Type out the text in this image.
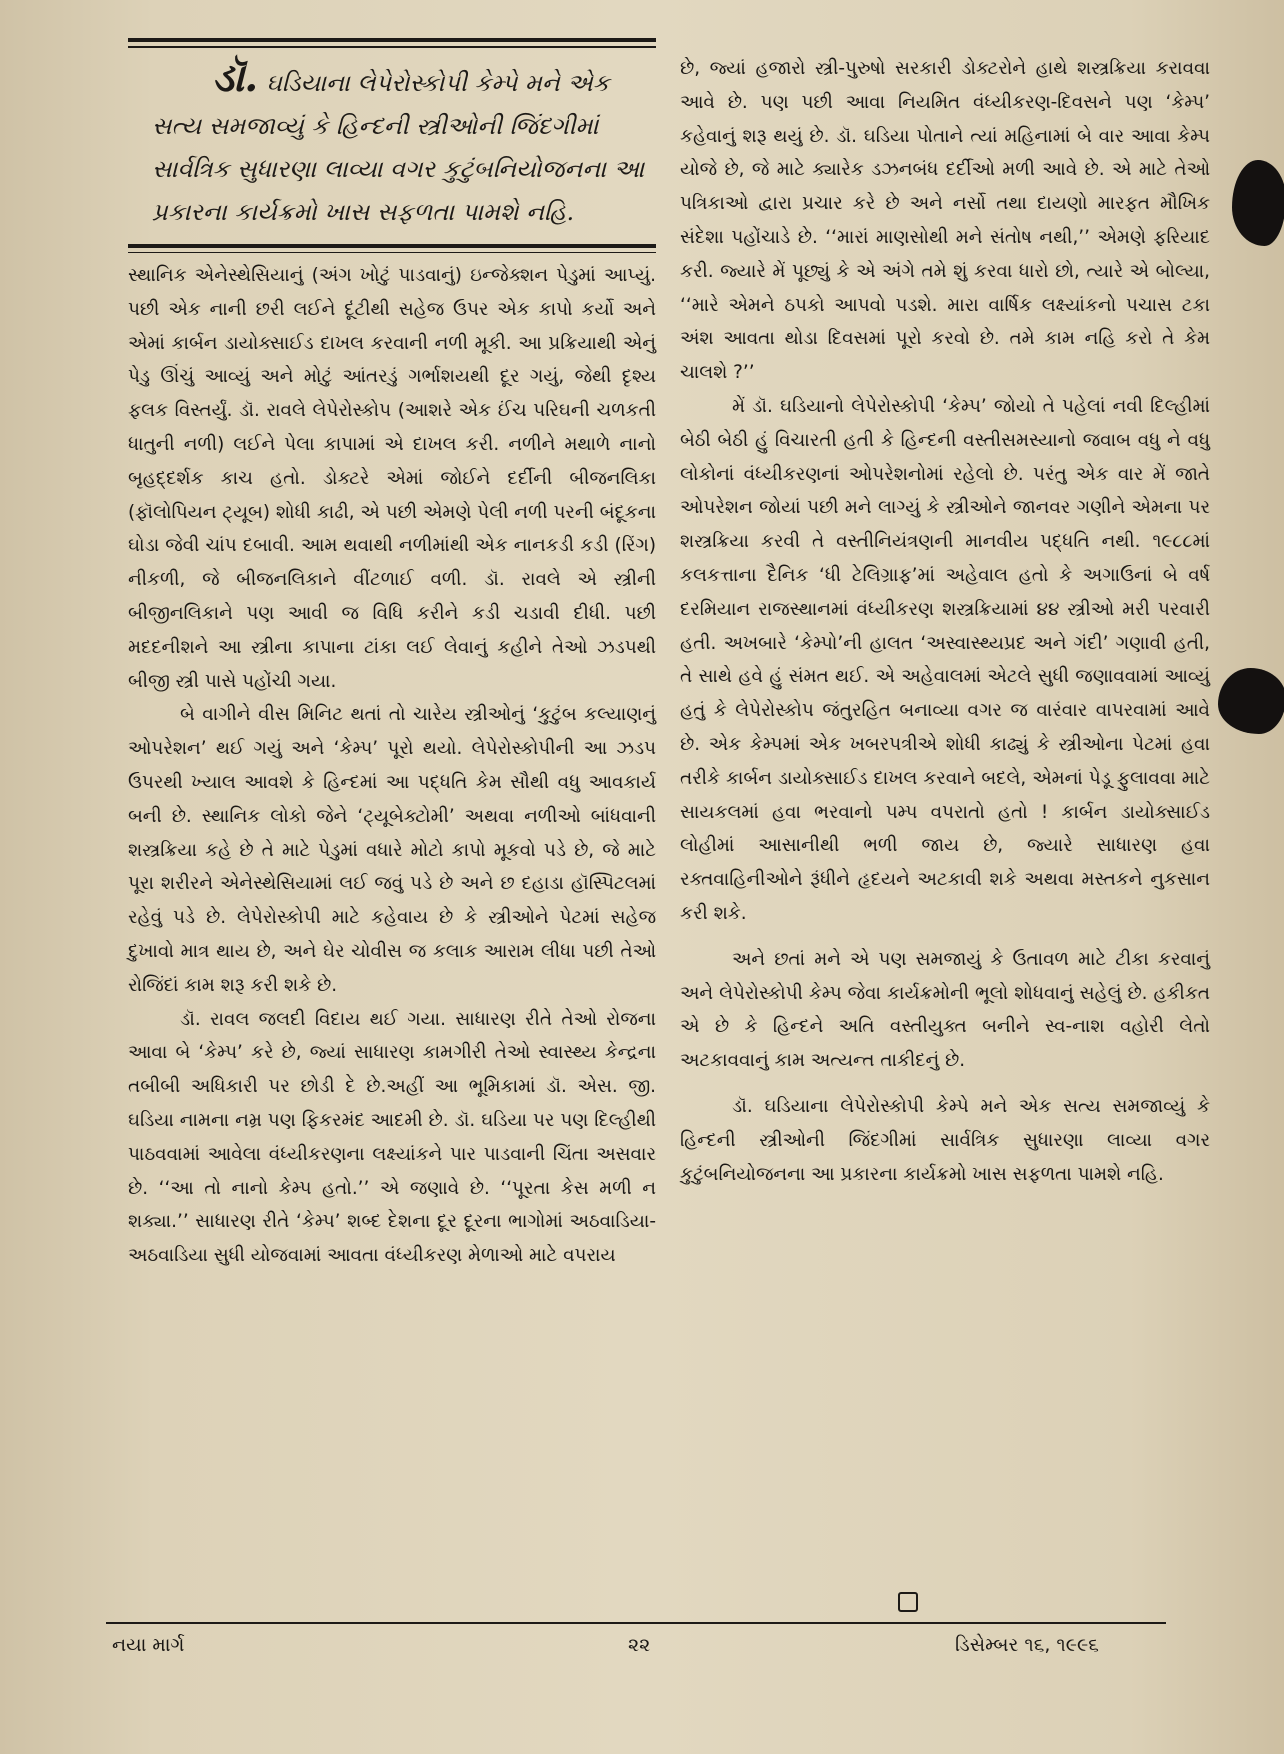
ડૉ. ઘડિયાના લેપેરોસ્કોપી કેમ્પે મને એક સત્ય સમજાવ્યું કે હિન્દની સ્ત્રીઓની જિંદગીમાં સાર્વત્રિક સુધારણા લાવ્યા વગર કુટુંબનિયોજનના આ પ્રકારના કાર્યક્રમો ખાસ સફળતા પામશે નહિ.

સ્થાનિક એનેસ્થેસિયાનું (અંગ ખોટું પાડવાનું) ઇન્જેક્શન પેડુમાં આપ્યું. પછી એક નાની છરી લઈને દૂંટીથી સહેજ ઉપર એક કાપો કર્યો અને એમાં કાર્બન ડાયોક્સાઈડ દાખલ કરવાની નળી મૂકી. આ પ્રક્રિયાથી એનું પેડુ ઊંચું આવ્યું અને મોટું આંતરડું ગર્ભાશયથી દૂર ગયું, જેથી દૃશ્ય ફલક વિસ્તર્યું. ડૉ. રાવલે લેપેરોસ્કોપ (આશરે એક ઈંચ પરિઘની ચળકતી ધાતુની નળી) લઈને પેલા કાપામાં એ દાખલ કરી. નળીને મથાળે નાનો બૃહદ્દર્શક કાચ હતો. ડોક્ટરે એમાં જોઈને દર્દીની બીજનલિકા (ફૉલોપિયન ટ્યૂબ) શોધી કાઢી, એ પછી એમણે પેલી નળી પરની બંદૂકના ઘોડા જેવી ચાંપ દબાવી. આમ થવાથી નળીમાંથી એક નાનકડી કડી (રિંગ) નીકળી, જે બીજનલિકાને વીંટળાઈ વળી. ડૉ. રાવલે એ સ્ત્રીની બીજીનલિકાને પણ આવી જ વિધિ કરીને કડી ચડાવી દીધી. પછી મદદનીશને આ સ્ત્રીના કાપાના ટાંકા લઈ લેવાનું કહીને તેઓ ઝડપથી બીજી સ્ત્રી પાસે પહોંચી ગયા.

બે વાગીને વીસ મિનિટ થતાં તો ચારેય સ્ત્રીઓનું ‘કુટુંબ કલ્યાણનું ઓપરેશન’ થઈ ગયું અને ‘કેમ્પ’ પૂરો થયો. લેપેરોસ્કોપીની આ ઝડપ ઉપરથી ખ્યાલ આવશે કે હિન્દમાં આ પદ્ધતિ કેમ સૌથી વધુ આવકાર્ય બની છે. સ્થાનિક લોકો જેને ‘ટ્યૂબેક્ટોમી’ અથવા નળીઓ બાંધવાની શસ્ત્રક્રિયા કહે છે તે માટે પેડુમાં વધારે મોટો કાપો મૂકવો પડે છે, જે માટે પૂરા શરીરને એનેસ્થેસિયામાં લઈ જવું પડે છે અને છ દહાડા હૉસ્પિટલમાં રહેવું પડે છે. લેપેરોસ્કોપી માટે કહેવાય છે કે સ્ત્રીઓને પેટમાં સહેજ દુખાવો માત્ર થાય છે, અને ઘેર ચોવીસ જ કલાક આરામ લીધા પછી તેઓ રોજિંદાં કામ શરૂ કરી શકે છે.

ડૉ. રાવલ જલદી વિદાય થઈ ગયા. સાધારણ રીતે તેઓ રોજના આવા બે ‘કેમ્પ’ કરે છે, જ્યાં સાધારણ કામગીરી તેઓ સ્વાસ્થ્ય કેન્દ્રના તબીબી અધિકારી પર છોડી દે છે.અહીં આ ભૂમિકામાં ડૉ. એસ. જી. ઘડિયા નામના નમ્ર પણ ફિકરમંદ આદમી છે. ડૉ. ઘડિયા પર પણ દિલ્હીથી પાઠવવામાં આવેલા વંધ્યીકરણના લક્ષ્યાંકને પાર પાડવાની ચિંતા અસવાર છે. ‘‘આ તો નાનો કેમ્પ હતો.’’ એ જણાવે છે. ‘‘પૂરતા કેસ મળી ન શક્યા.’’ સાધારણ રીતે ‘કેમ્પ’ શબ્દ દેશના દૂર દૂરના ભાગોમાં અઠવાડિયા-અઠવાડિયા સુધી યોજવામાં આવતા વંધ્યીકરણ મેળાઓ માટે વપરાય

છે, જ્યાં હજારો સ્ત્રી-પુરુષો સરકારી ડોક્ટરોને હાથે શસ્ત્રક્રિયા કરાવવા આવે છે. પણ પછી આવા નિયમિત વંધ્યીકરણ-દિવસને પણ ‘કેમ્પ’ કહેવાનું શરૂ થયું છે. ડૉ. ઘડિયા પોતાને ત્યાં મહિનામાં બે વાર આવા કેમ્પ યોજે છે, જે માટે ક્યારેક ડઝનબંધ દર્દીઓ મળી આવે છે. એ માટે તેઓ પત્રિકાઓ દ્વારા પ્રચાર કરે છે અને નર્સો તથા દાયણો મારફત મૌખિક સંદેશા પહોંચાડે છે. ‘‘મારાં માણસોથી મને સંતોષ નથી,’’ એમણે ફરિયાદ કરી. જ્યારે મેં પૂછ્યું કે એ અંગે તમે શું કરવા ધારો છો, ત્યારે એ બોલ્યા, ‘‘મારે એમને ઠપકો આપવો પડશે. મારા વાર્ષિક લક્ષ્યાંકનો પચાસ ટકા અંશ આવતા થોડા દિવસમાં પૂરો કરવો છે. તમે કામ નહિ કરો તે કેમ ચાલશે ?’’

મેં ડૉ. ઘડિયાનો લેપેરોસ્કોપી ‘કેમ્પ’ જોયો તે પહેલાં નવી દિલ્હીમાં બેઠી બેઠી હું વિચારતી હતી કે હિન્દની વસ્તીસમસ્યાનો જવાબ વધુ ને વધુ લોકોનાં વંધ્યીકરણનાં ઓપરેશનોમાં રહેલો છે. પરંતુ એક વાર મેં જાતે ઓપરેશન જોયાં પછી મને લાગ્યું કે સ્ત્રીઓને જાનવર ગણીને એમના પર શસ્ત્રક્રિયા કરવી તે વસ્તીનિયંત્રણની માનવીય પદ્ધતિ નથી. ૧૯૮૮માં કલકત્તાના દૈનિક ‘ધી ટેલિગ્રાફ’માં અહેવાલ હતો કે અગાઉનાં બે વર્ષ દરમિયાન રાજસ્થાનમાં વંધ્યીકરણ શસ્ત્રક્રિયામાં ૪૪ સ્ત્રીઓ મરી પરવારી હતી. અખબારે ‘કેમ્પો’ની હાલત ‘અસ્વાસ્થ્યપ્રદ અને ગંદી’ ગણાવી હતી, તે સાથે હવે હું સંમત થઈ. એ અહેવાલમાં એટલે સુધી જણાવવામાં આવ્યું હતું કે લેપેરોસ્કોપ જંતુરહિત બનાવ્યા વગર જ વારંવાર વાપરવામાં આવે છે. એક કેમ્પમાં એક ખબરપત્રીએ શોધી કાઢ્યું કે સ્ત્રીઓના પેટમાં હવા તરીકે કાર્બન ડાયોક્સાઈડ દાખલ કરવાને બદલે, એમનાં પેડૂ ફુલાવવા માટે સાયકલમાં હવા ભરવાનો પમ્પ વપરાતો હતો ! કાર્બન ડાયોક્સાઈડ લોહીમાં આસાનીથી ભળી જાય છે, જ્યારે સાધારણ હવા રક્તવાહિનીઓને રૂંધીને હૃદયને અટકાવી શકે અથવા મસ્તકને નુકસાન કરી શકે.

અને છતાં મને એ પણ સમજાયું કે ઉતાવળ માટે ટીકા કરવાનું અને લેપેરોસ્કોપી કેમ્પ જેવા કાર્યક્રમોની ભૂલો શોધવાનું સહેલું છે. હકીકત એ છે કે હિન્દને અતિ વસ્તીયુક્ત બનીને સ્વ-નાશ વહોરી લેતો અટકાવવાનું કામ અત્યન્ત તાકીદનું છે.

ડૉ. ઘડિયાના લેપેરોસ્કોપી કેમ્પે મને એક સત્ય સમજાવ્યું કે હિન્દની સ્ત્રીઓની જિંદગીમાં સાર્વત્રિક સુધારણા લાવ્યા વગર કુટુંબનિયોજનના આ પ્રકારના કાર્યક્રમો ખાસ સફળતા પામશે નહિ.

નયા માર્ગ	૨૨	ડિસેમ્બર ૧૬, ૧૯૯૬
